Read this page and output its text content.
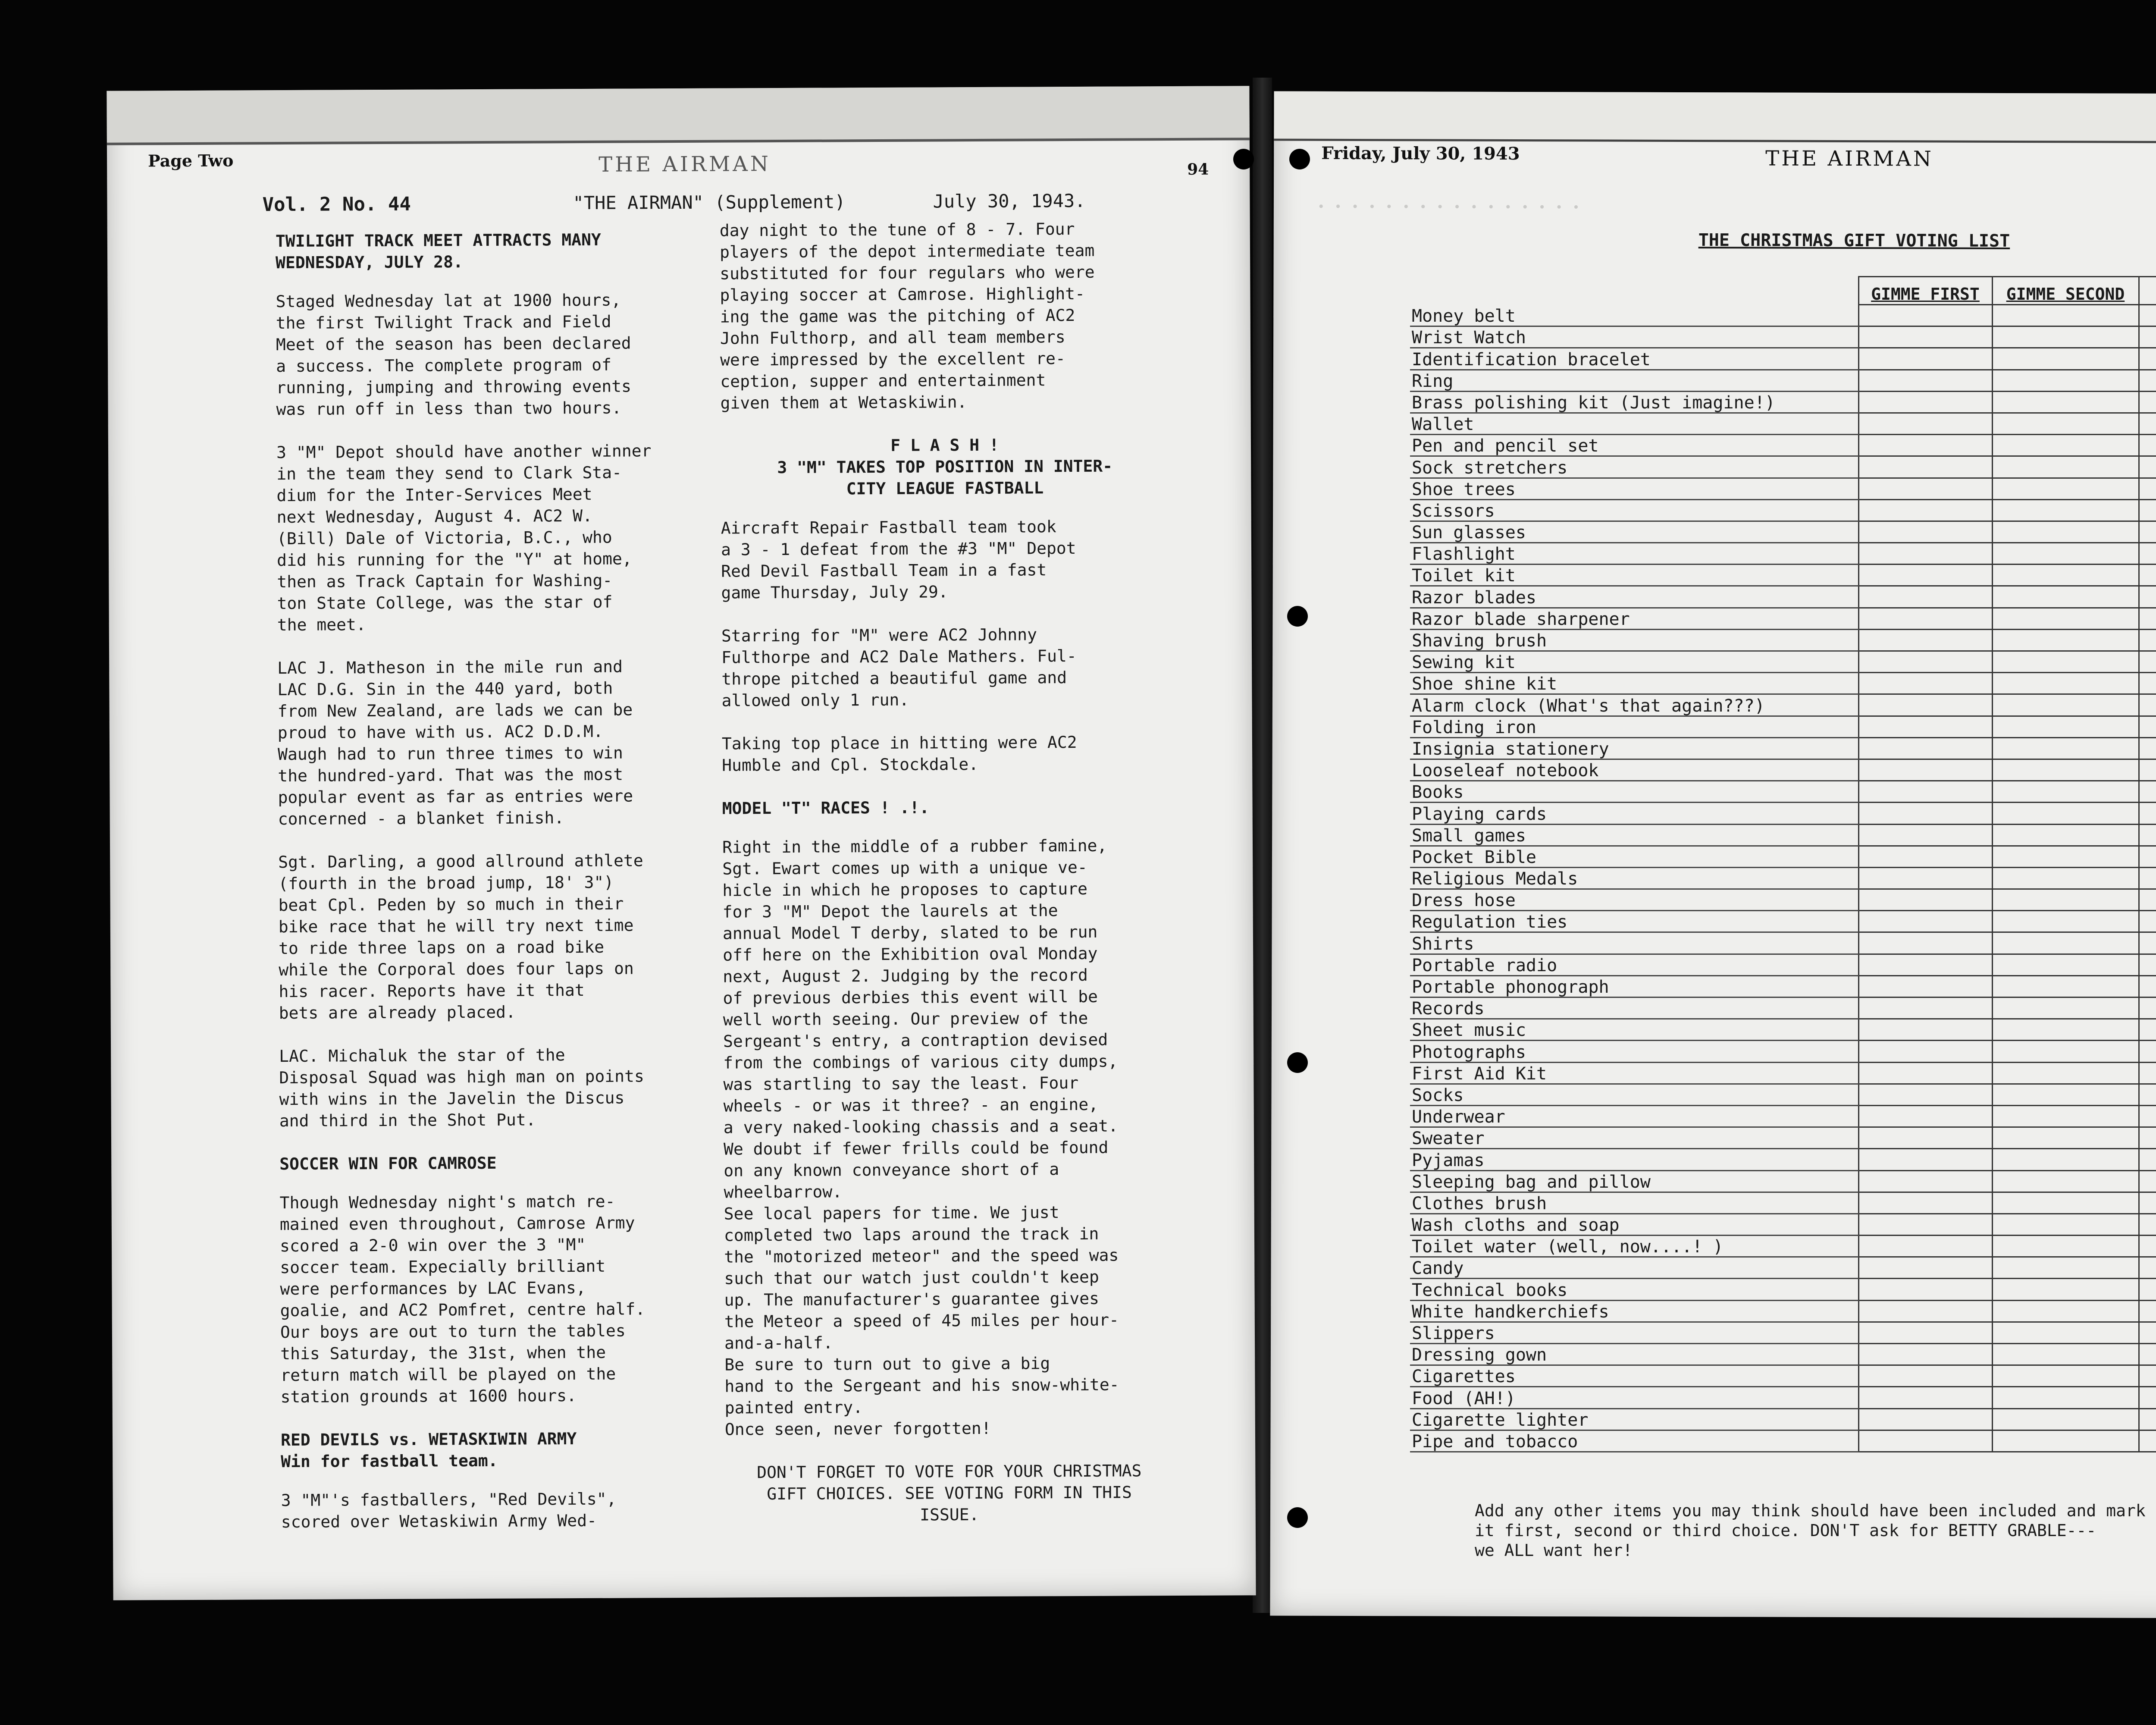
Page Two	THE AIRMAN	94
Vol. 2 No. 44	"THE AIRMAN" (Supplement)	July 30, 1943.
TWILIGHT TRACK MEET ATTRACTS MANY
WEDNESDAY, JULY 28.

Staged Wednesday lat at 1900 hours,
the first Twilight Track and Field
Meet of the season has been declared
a success. The complete program of
running, jumping and throwing events
was run off in less than two hours.

3 "M" Depot should have another winner
in the team they send to Clark Sta-
dium for the Inter-Services Meet
next Wednesday, August 4. AC2 W.
(Bill) Dale of Victoria, B.C., who
did his running for the "Y" at home,
then as Track Captain for Washing-
ton State College, was the star of
the meet.

LAC J. Matheson in the mile run and
LAC D.G. Sin in the 440 yard, both
from New Zealand, are lads we can be
proud to have with us. AC2 D.D.M.
Waugh had to run three times to win
the hundred-yard. That was the most
popular event as far as entries were
concerned - a blanket finish.

Sgt. Darling, a good allround athlete
(fourth in the broad jump, 18' 3")
beat Cpl. Peden by so much in their
bike race that he will try next time
to ride three laps on a road bike
while the Corporal does four laps on
his racer. Reports have it that
bets are already placed.

LAC. Michaluk the star of the
Disposal Squad was high man on points
with wins in the Javelin the Discus
and third in the Shot Put.

SOCCER WIN FOR CAMROSE

Though Wednesday night's match re-
mained even throughout, Camrose Army
scored a 2-0 win over the 3 "M"
soccer team. Expecially brilliant
were performances by LAC Evans,
goalie, and AC2 Pomfret, centre half.
Our boys are out to turn the tables
this Saturday, the 31st, when the
return match will be played on the
station grounds at 1600 hours.

RED DEVILS vs. WETASKIWIN ARMY
Win for fastball team.

3 "M"'s fastballers, "Red Devils",
scored over Wetaskiwin Army Wed-

day night to the tune of 8 - 7. Four
players of the depot intermediate team
substituted for four regulars who were
playing soccer at Camrose. Highlight-
ing the game was the pitching of AC2
John Fulthorp, and all team members
were impressed by the excellent re-
ception, supper and entertainment
given them at Wetaskiwin.

F L A S H !
3 "M" TAKES TOP POSITION IN INTER-
CITY LEAGUE FASTBALL

Aircraft Repair Fastball team took
a 3 - 1 defeat from the #3 "M" Depot
Red Devil Fastball Team in a fast
game Thursday, July 29.

Starring for "M" were AC2 Johnny
Fulthorpe and AC2 Dale Mathers. Ful-
thrope pitched a beautiful game and
allowed only 1 run.

Taking top place in hitting were AC2
Humble and Cpl. Stockdale.

MODEL "T" RACES ! .!.

Right in the middle of a rubber famine,
Sgt. Ewart comes up with a unique ve-
hicle in which he proposes to capture
for 3 "M" Depot the laurels at the
annual Model T derby, slated to be run
off here on the Exhibition oval Monday
next, August 2. Judging by the record
of previous derbies this event will be
well worth seeing. Our preview of the
Sergeant's entry, a contraption devised
from the combings of various city dumps,
was startling to say the least. Four
wheels - or was it three? - an engine,
a very naked-looking chassis and a seat.
We doubt if fewer frills could be found
on any known conveyance short of a
wheelbarrow.
See local papers for time. We just
completed two laps around the track in
the "motorized meteor" and the speed was
such that our watch just couldn't keep
up. The manufacturer's guarantee gives
the Meteor a speed of 45 miles per hour-
and-a-half.
Be sure to turn out to give a big
hand to the Sergeant and his snow-white-
painted entry.
Once seen, never forgotten!

DON'T FORGET TO VOTE FOR YOUR CHRISTMAS
GIFT CHOICES. SEE VOTING FORM IN THIS
ISSUE.

Friday, July 30, 1943	THE AIRMAN
· · · · · · · · · · · · · · · ·
THE CHRISTMAS GIFT VOTING LIST
	GIMME FIRST	GIMME SECOND	
Money belt			
Wrist Watch			
Identification bracelet			
Ring			
Brass polishing kit (Just imagine!)			
Wallet			
Pen and pencil set			
Sock stretchers			
Shoe trees			
Scissors			
Sun glasses			
Flashlight			
Toilet kit			
Razor blades			
Razor blade sharpener			
Shaving brush			
Sewing kit			
Shoe shine kit			
Alarm clock (What's that again???)			
Folding iron			
Insignia stationery			
Looseleaf notebook			
Books			
Playing cards			
Small games			
Pocket Bible			
Religious Medals			
Dress hose			
Regulation ties			
Shirts			
Portable radio			
Portable phonograph			
Records			
Sheet music			
Photographs			
First Aid Kit			
Socks			
Underwear			
Sweater			
Pyjamas			
Sleeping bag and pillow			
Clothes brush			
Wash cloths and soap			
Toilet water (well, now....! )			
Candy			
Technical books			
White handkerchiefs			
Slippers			
Dressing gown			
Cigarettes			
Food (AH!)			
Cigarette lighter			
Pipe and tobacco			
Add any other items you may think should have been included and mark
it first, second or third choice. DON'T ask for BETTY GRABLE---
we ALL want her!
